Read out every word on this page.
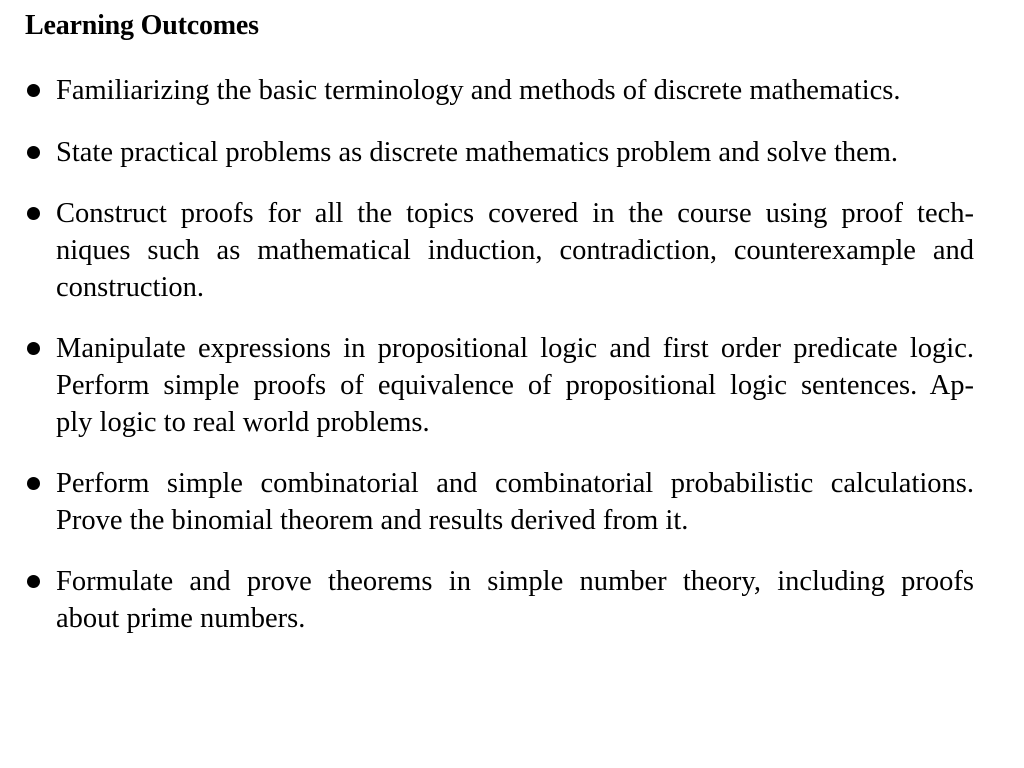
Learning Outcomes

Familiarizing the basic terminology and methods of discrete mathematics.

State practical problems as discrete mathematics problem and solve them.

Construct proofs for all the topics covered in the course using proof tech-

niques such as mathematical induction, contradiction, counterexample and

construction.

Manipulate expressions in propositional logic and first order predicate logic.

Perform simple proofs of equivalence of propositional logic sentences. Ap-

ply logic to real world problems.

Perform simple combinatorial and combinatorial probabilistic calculations.

Prove the binomial theorem and results derived from it.

Formulate and prove theorems in simple number theory, including proofs

about prime numbers.
